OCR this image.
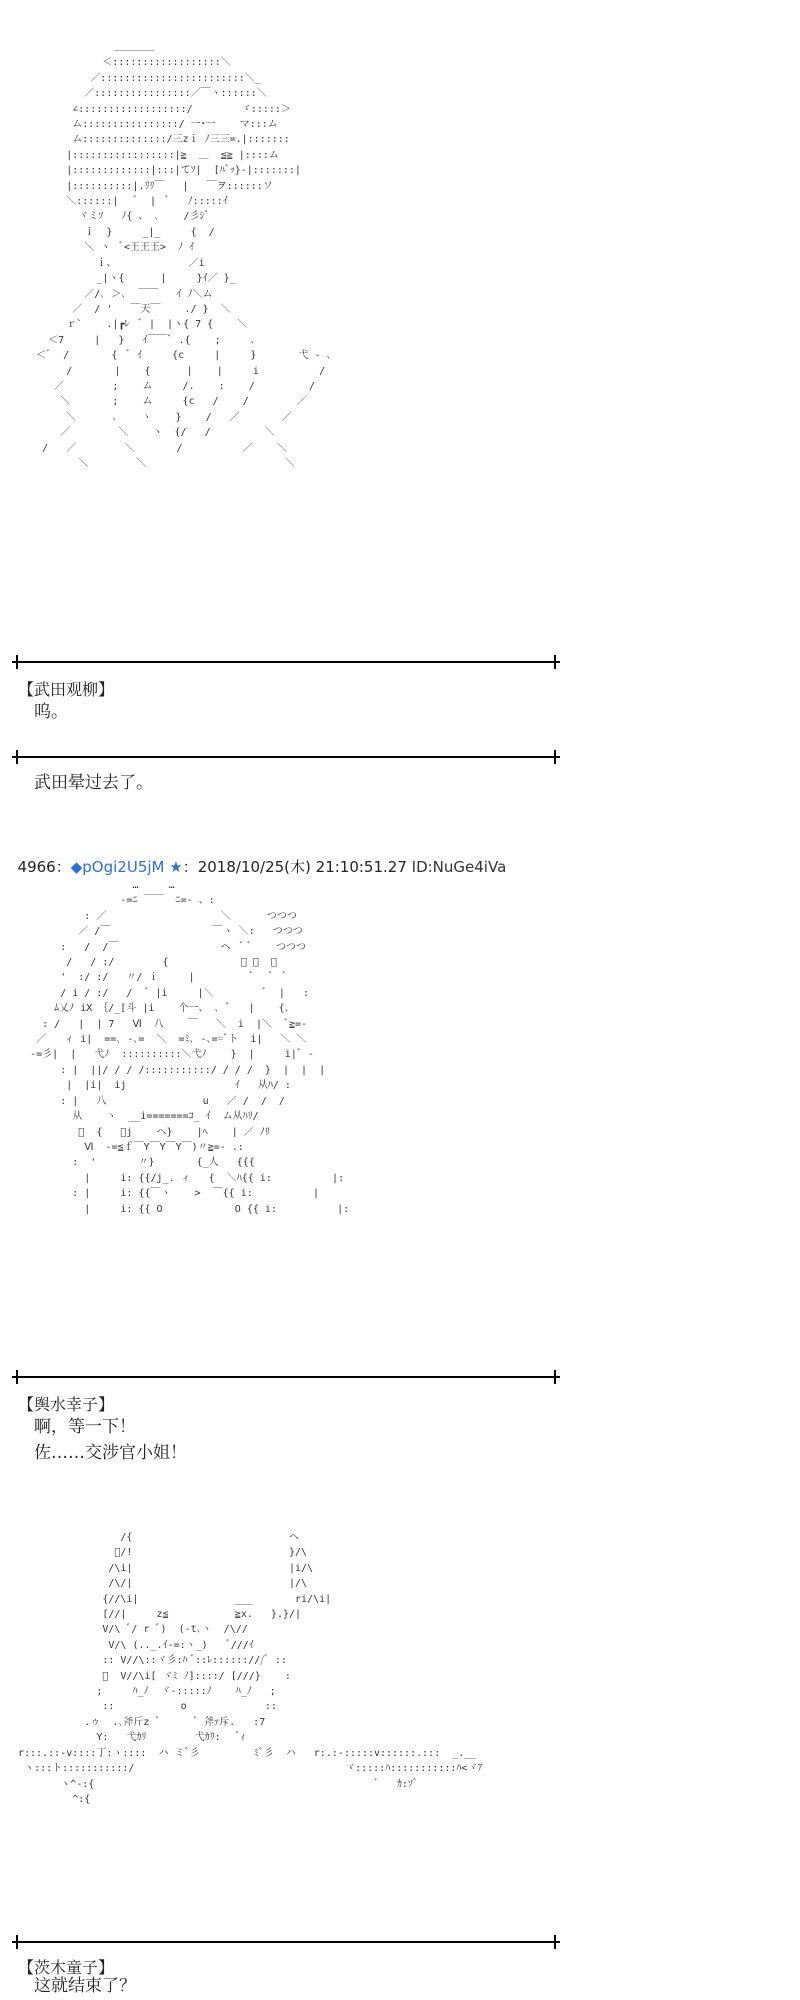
＿＿＿＿
＜::::::::::::::::::＼
／::::::::::::::::::::::::＼_
／::::::::::::::::／￣ヽ::::::＼
∠::::::::::::::::::/        ヾ:::::＞
ム::::::::::::::::/ 一･一    マ:::ム
ム::::::::::::::/三zｉ ﾉ三三=.|:::::::
|:::::::::::::::::|≧  ＿  ≦≧ |::::ム
|:::::::::::::|:::|てｿ|  [ﾊﾞｯ}-|:::::::|
|::::::::::|.ﾘﾘ￣   |   ￣ヲ::::::ソ
＼::::::|   ﾞ  |  ﾞ   ﾉ:::::ｲ
ヾミｿ   ﾉ{ 、 ､    /彡ｼﾞ
ｉ  }     _|_     {  /
＼ ヽ  ﾞ<王王王>  ﾉ ｲ
ｉ、            ／i
_|ヽ{      |     }ｲ／ }_
／/､ ＞､  ￣￣   ｲ ﾉ＼ム
／  / '   ￣天￣    ./ }  ＼
ｒ`    .|┏ﾚ  ﾞ |  |ヽ{ 7 {    ＼
＜7     |   }   ｲ￣￣ﾞ .{    ;     ､
＜ﾞ  /       {  ﾞ ｲ     {c     |     }       弋 - ､
/       |    {      |    |     i          /
／        ;    ム     /.    :    /         /
＼       ;    ム     {c   /    /        ／
＼      ､    ヽ    }    /   ／       ／
／        ＼    ヽ  {/   /         ＼
/   ／        ＼       /          ／    ＼
＼        ＼                       ＼
【武田观柳】
呜。
武田晕过去了。

4966：◆pOgi2U5jM ★：2018/10/25(木) 21:10:51.27 ID:NuGe4iVa

…     …
-=ﾆ ￣￣  ﾆ=- 、:
: ／                   ＼      つつつ
／ /￣                 ￣ヽ ＼:   つつつ
:   /  /￣                 ヘ  ﾞ ﾞ    つつつ
/   / :/        {            ﾞ ﾞ  ﾞ
'  :/ :/   〃/ ｉ     |         ﾞ   ﾞ  ﾞ
/ i / :/   /  ﾞ |i     |＼        ﾞ  |   :
ﾑ乂ﾉ iX ｛/_[斗 |i    个一、 ､ ﾞ   |    {､
: /   |  | 7   Ⅵ  八    ￣   ＼  i  |＼  ﾞ≧=-
／   ィ i|  ==､ -､=  ＼  =ﾐ､ -､==ﾞト  i|   ＼ ＼
‐=彡|  |   弋ﾉ  ::::::::::＼弋ﾉ    }  |     i|ﾞ ‐
: |  ||/ / / /:::::::::::/ / / /  }  |  |  |
|  |i|  ij                  ｲ   从ﾊ/ :
: |   八                u   ／ /  /  /
从    ヽ  __i=======ｺ_ ｲ  ム从ﾊﾘ/
ﾞ  {   ＼j    ヘ}    |ﾍ    | ／ ﾉﾘ
Ⅵ  -=≦ｆ￣Y￣Y￣Y￣)〃≧=- .:
:  '       〃}       {_人   {{{
|     i: {{/j_. ィ   {  ＼ﾊ{{ i:          |:
: |     i: {{￣ヽ    >  ￣{{ i:          |
|     i: {{ O            O {{ i:          |:
【舆水幸子】
啊，等一下！
佐……交涉官小姐！
/{                          ヘ
ﾞ/!                          }/\
/\i|                          |i/\
/\/|                          |/\
{//\i|                ___       ri/\i|
[//|     z≦           ≧x.   }.}/|
V/\ ﾞ/ r ﾞ)  (-t､ヽ  /\//
V/\ (.._.ｲ-=:ヽ_)   ﾞ///ｲ
:: V//\::ヾ彡:ﾊ ﾞ::ﾚ::::::///ﾞ ::
ﾞ  V//\i[ ヾﾐ ﾉ]::::/ [///}    :
;     ﾊ_ﾉ  ヾ-:::::ﾉ    ﾊ_ﾉ   ;
::           o             ::
.ゥ  .､斧斤z ﾞ      ﾞ 斧ｧ斥.   :7
Y:   弋ｶﾘ        弋ｶﾘ:   ﾞｨ
r:::.::-v::::丁:ヽ::::  ハ ミﾞ彡         ﾐﾞ彡  ハ   r:.:-:::::v::::::.:::  _.__
ヽ:::ト:::::::::::/                                   ヾ:::::ﾊ:::::::::::ﾊ<ヾｱ
ヽ^-:{                                               ﾞ   ｶ:ｿﾞ
^:{
【茨木童子】
这就结束了？
